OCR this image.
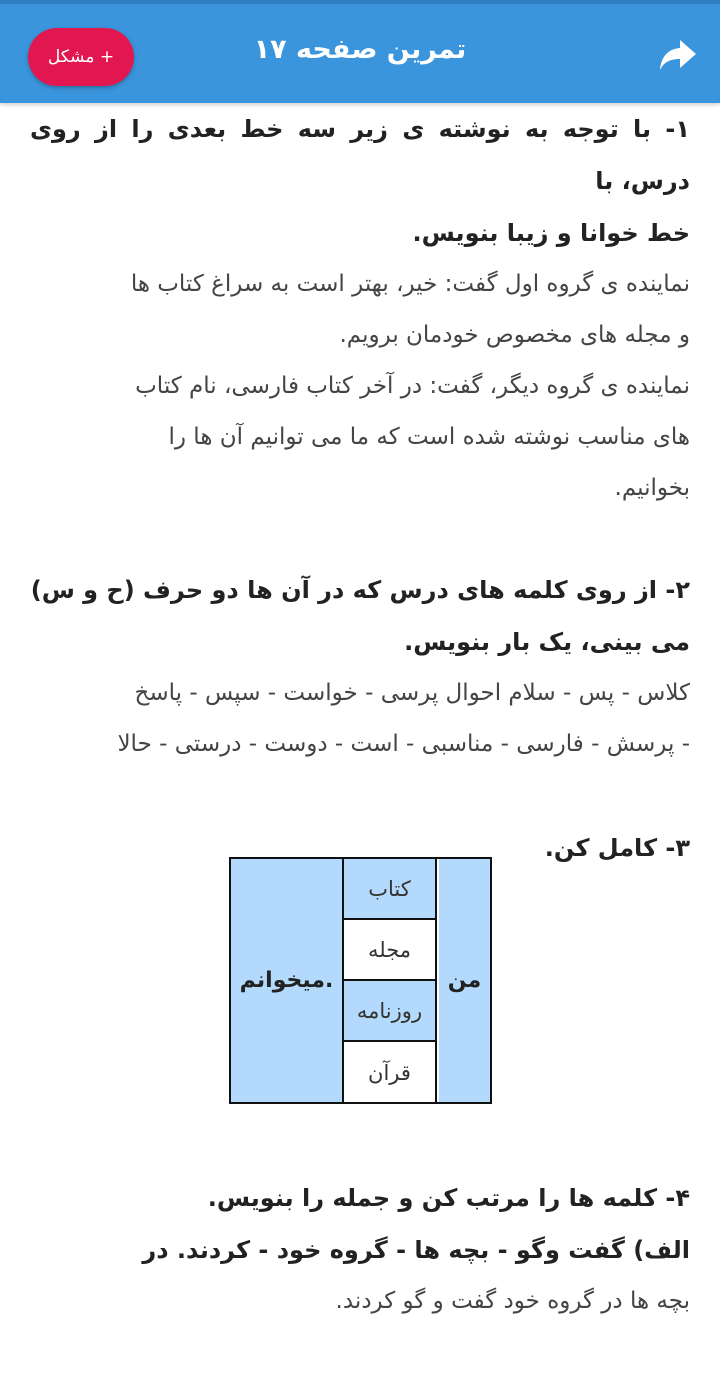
تمرین صفحه ۱۷
+ مشکل
۱- با توجه به نوشته ی زیر سه خط بعدی را از روی درس، با
خط خوانا و زیبا بنویس.
نماینده ی گروه اول گفت: خیر، بهتر است به سراغ کتاب ها
و مجله های مخصوص خودمان برویم.
نماینده ی گروه دیگر، گفت: در آخر کتاب فارسی، نام کتاب
های مناسب نوشته شده است که ما می توانیم آن ها را
بخوانیم.
۲- از روی کلمه های درس که در آن ها دو حرف (ح و س)
می بینی، یک بار بنویس.
کلاس - پس - سلام احوال پرسی - خواست - سپس - پاسخ
- پرسش - فارسی - مناسبی - است - دوست - درستی - حالا
۳- کامل کن.
میخوانم.
کتاب
مجله
روزنامه
قرآن
من
۴- کلمه ها را مرتب کن و جمله را بنویس.
الف) گفت وگو - بچه ها - گروه خود - کردند. در
بچه ها در گروه خود گفت و گو کردند.
